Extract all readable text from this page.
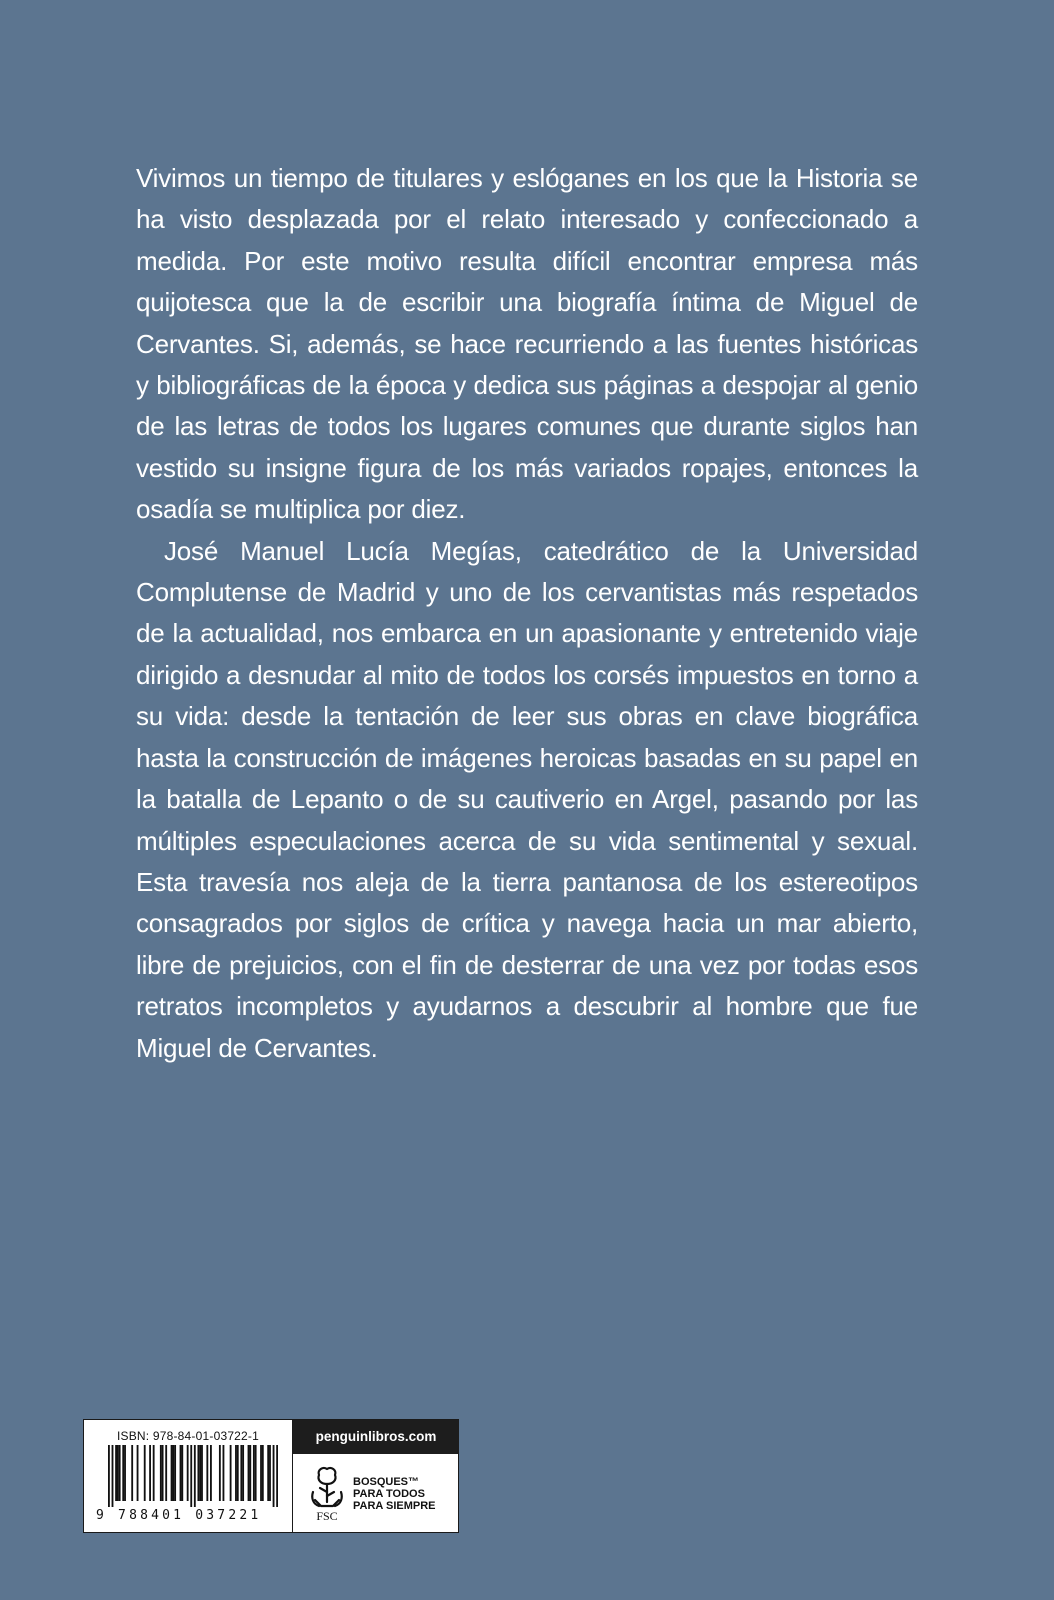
Vivimos un tiempo de titulares y eslóganes en los que la Historia se ha visto desplazada por el relato interesado y confeccionado a medida. Por este motivo resulta difícil encontrar empresa más quijotesca que la de escribir una biografía íntima de Miguel de Cervantes. Si, además, se hace recurriendo a las fuentes históricas y bibliográficas de la época y dedica sus páginas a despojar al genio de las letras de todos los lugares comunes que durante siglos han vestido su insigne figura de los más variados ropajes, entonces la osadía se multiplica por diez.

José Manuel Lucía Megías, catedrático de la Universidad Complutense de Madrid y uno de los cervantistas más respetados de la actualidad, nos embarca en un apasionante y entretenido viaje dirigido a desnudar al mito de todos los corsés impuestos en torno a su vida: desde la tentación de leer sus obras en clave biográfica hasta la construcción de imágenes heroicas basadas en su papel en la batalla de Lepanto o de su cautiverio en Argel, pasando por las múltiples especulaciones acerca de su vida sentimental y sexual. Esta travesía nos aleja de la tierra pantanosa de los estereotipos consagrados por siglos de crítica y navega hacia un mar abierto, libre de prejuicios, con el fin de desterrar de una vez por todas esos retratos incompletos y ayudarnos a descubrir al hombre que fue Miguel de Cervantes.

ISBN: 978-84-01-03722-1
9 788401 037221
penguinlibros.com
FSC
BOSQUES™
PARA TODOS
PARA SIEMPRE
